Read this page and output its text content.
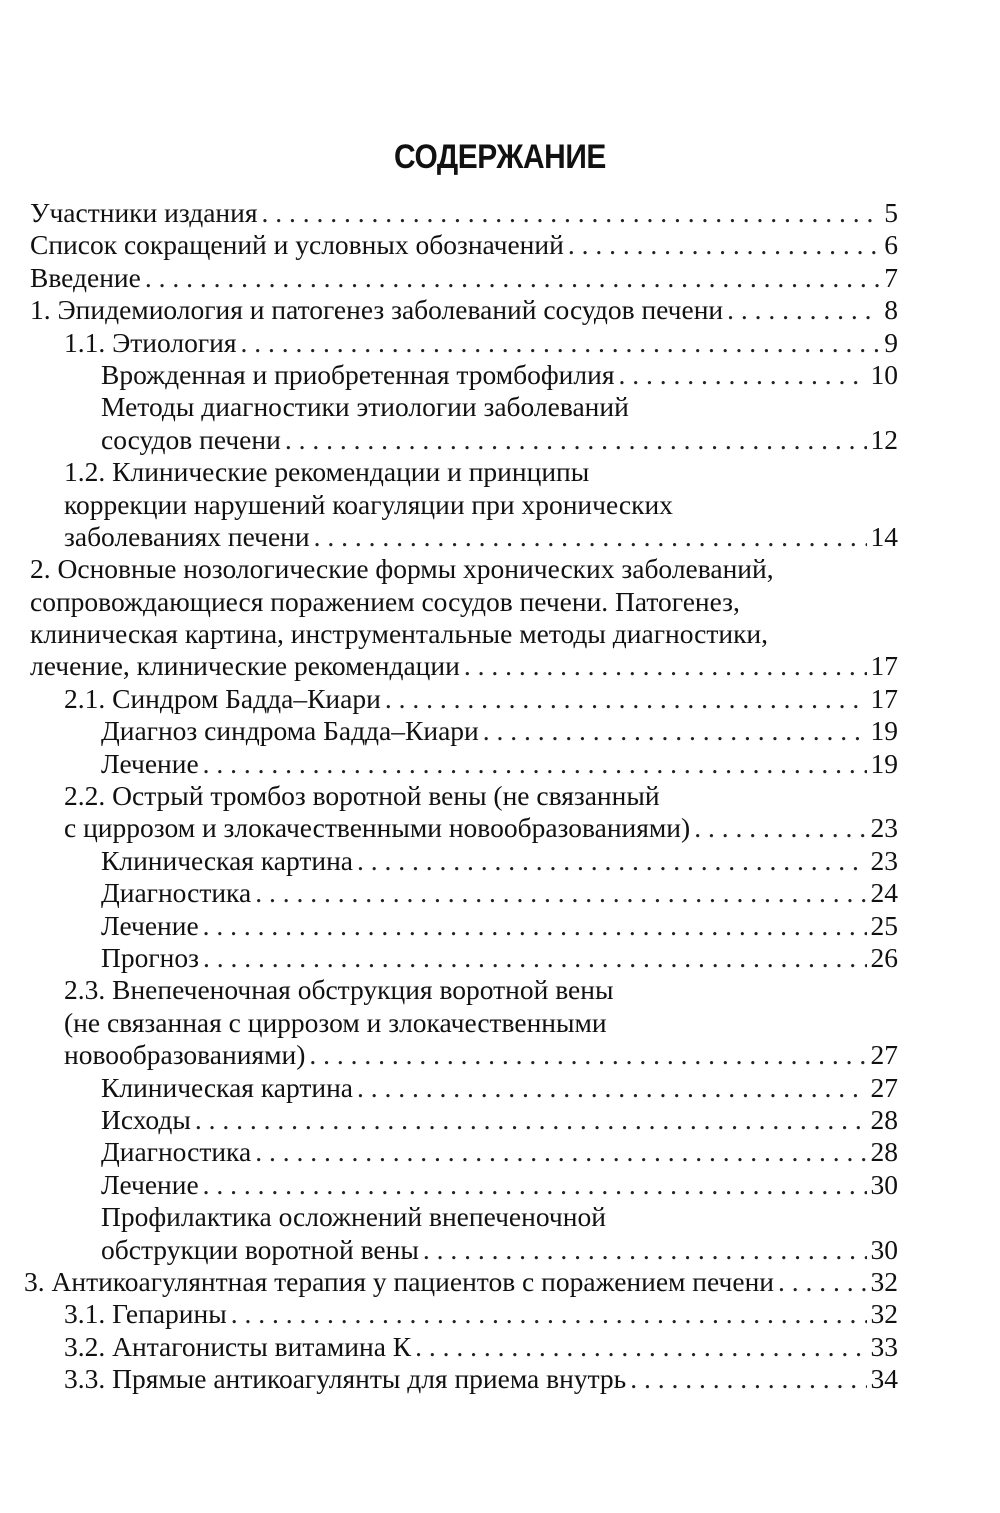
СОДЕРЖАНИЕ
Участники издания . . .	5
Список сокращений и условных обозначений . . .	6
Введение . . .	7
1. Эпидемиология и патогенез заболеваний сосудов печени . . .	8
1.1. Этиология . . .	9
Врожденная и приобретенная тромбофилия . . .	10
Методы диагностики этиологии заболеваний
сосудов печени . . .	12
1.2. Клинические рекомендации и принципы
коррекции нарушений коагуляции при хронических
заболеваниях печени . . .	14
2. Основные нозологические формы хронических заболеваний,
сопровождающиеся поражением сосудов печени. Патогенез,
клиническая картина, инструментальные методы диагностики,
лечение, клинические рекомендации . . .	17
2.1. Синдром Бадда–Киари . . .	17
Диагноз синдрома Бадда–Киари . . .	19
Лечение . . .	19
2.2. Острый тромбоз воротной вены (не связанный
с циррозом и злокачественными новообразованиями) . . .	23
Клиническая картина . . .	23
Диагностика . . .	24
Лечение . . .	25
Прогноз . . .	26
2.3. Внепеченочная обструкция воротной вены
(не связанная с циррозом и злокачественными
новообразованиями) . . .	27
Клиническая картина . . .	27
Исходы . . .	28
Диагностика . . .	28
Лечение . . .	30
Профилактика осложнений внепеченочной
обструкции воротной вены . . .	30
3. Антикоагулянтная терапия у пациентов с поражением печени . . .	32
3.1. Гепарины . . .	32
3.2. Антагонисты витамина К . . .	33
3.3. Прямые антикоагулянты для приема внутрь . . .	34
